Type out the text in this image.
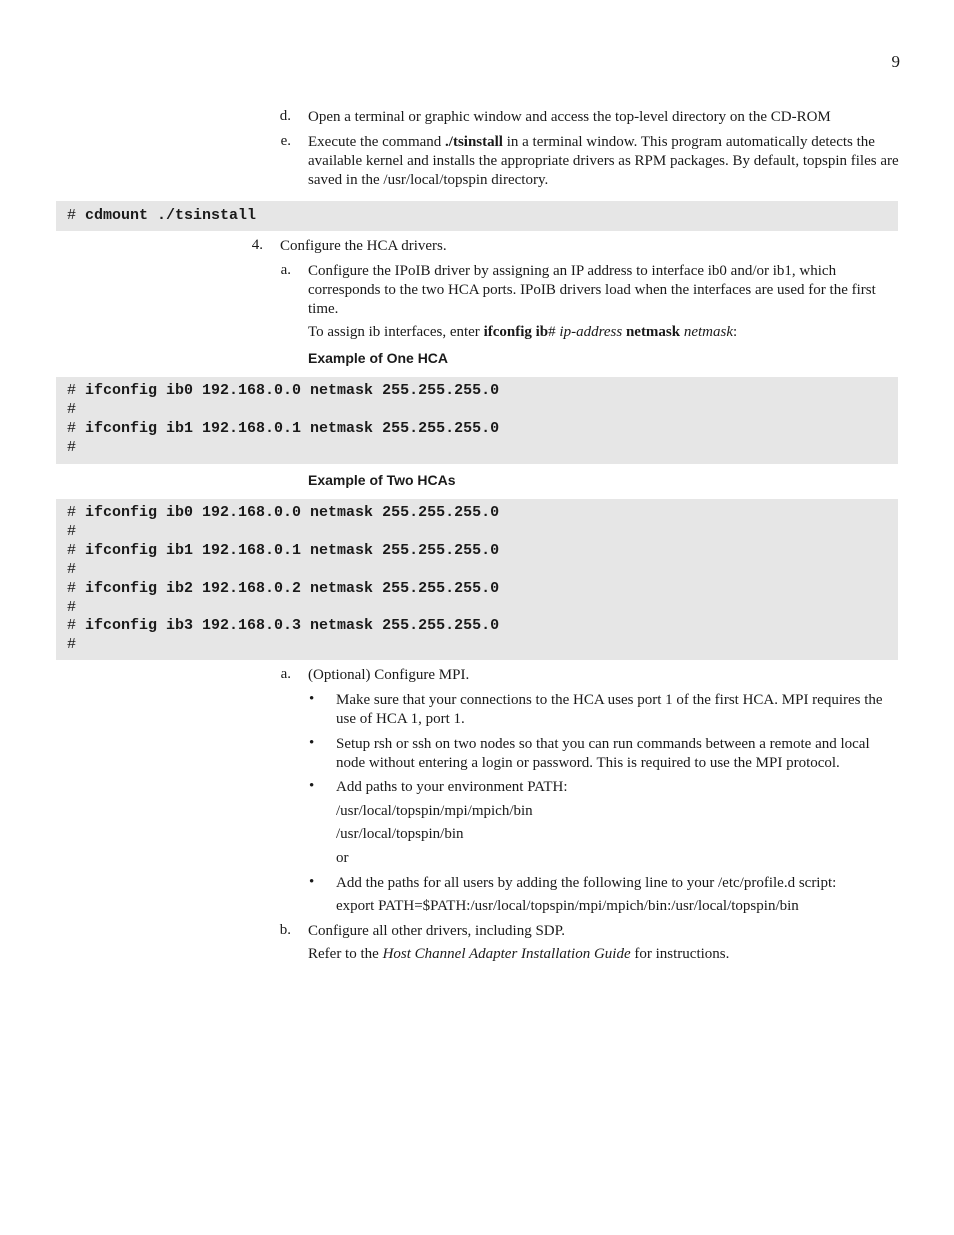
9
d. Open a terminal or graphic window and access the top-level directory on the CD-ROM
e. Execute the command ./tsinstall in a terminal window. This program automatically detects the available kernel and installs the appropriate drivers as RPM packages. By default, topspin files are saved in the /usr/local/topspin directory.
# cdmount ./tsinstall
4. Configure the HCA drivers.
a. Configure the IPoIB driver by assigning an IP address to interface ib0 and/or ib1, which corresponds to the two HCA ports. IPoIB drivers load when the interfaces are used for the first time.
To assign ib interfaces, enter ifconfig ib# ip-address netmask netmask:
Example of One HCA
# ifconfig ib0 192.168.0.0 netmask 255.255.255.0
#
# ifconfig ib1 192.168.0.1 netmask 255.255.255.0
#
Example of Two HCAs
# ifconfig ib0 192.168.0.0 netmask 255.255.255.0
#
# ifconfig ib1 192.168.0.1 netmask 255.255.255.0
#
# ifconfig ib2 192.168.0.2 netmask 255.255.255.0
#
# ifconfig ib3 192.168.0.3 netmask 255.255.255.0
#
a. (Optional) Configure MPI.
•	Make sure that your connections to the HCA uses port 1 of the first HCA. MPI requires the use of HCA 1, port 1.
•	Setup rsh or ssh on two nodes so that you can run commands between a remote and local node without entering a login or password. This is required to use the MPI protocol.
•	Add paths to your environment PATH:
/usr/local/topspin/mpi/mpich/bin
/usr/local/topspin/bin
or
•	Add the paths for all users by adding the following line to your /etc/profile.d script:
export PATH=$PATH:/usr/local/topspin/mpi/mpich/bin:/usr/local/topspin/bin
b. Configure all other drivers, including SDP.
Refer to the Host Channel Adapter Installation Guide for instructions.
